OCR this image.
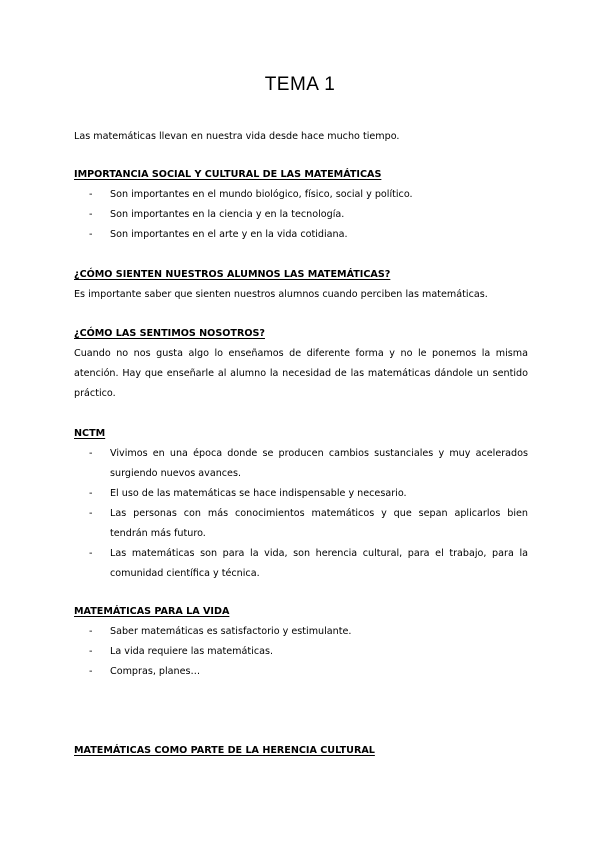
TEMA 1
Las matemáticas llevan en nuestra vida desde hace mucho tiempo.
IMPORTANCIA SOCIAL Y CULTURAL DE LAS MATEMÁTICAS
- Son importantes en el mundo biológico, físico, social y político.
- Son importantes en la ciencia y en la tecnología.
- Son importantes en el arte y en la vida cotidiana.
¿CÓMO SIENTEN NUESTROS ALUMNOS LAS MATEMÁTICAS?
Es importante saber que sienten nuestros alumnos cuando perciben las matemáticas.
¿CÓMO LAS SENTIMOS NOSOTROS?
Cuando no nos gusta algo lo enseñamos de diferente forma y no le ponemos la misma atención. Hay que enseñarle al alumno la necesidad de las matemáticas dándole un sentido práctico.
NCTM
- Vivimos en una época donde se producen cambios sustanciales y muy acelerados surgiendo nuevos avances.
- El uso de las matemáticas se hace indispensable y necesario.
- Las personas con más conocimientos matemáticos y que sepan aplicarlos bien tendrán más futuro.
- Las matemáticas son para la vida, son herencia cultural, para el trabajo, para la comunidad científica y técnica.
MATEMÁTICAS PARA LA VIDA
- Saber matemáticas es satisfactorio y estimulante.
- La vida requiere las matemáticas.
- Compras, planes…
MATEMÁTICAS COMO PARTE DE LA HERENCIA CULTURAL
